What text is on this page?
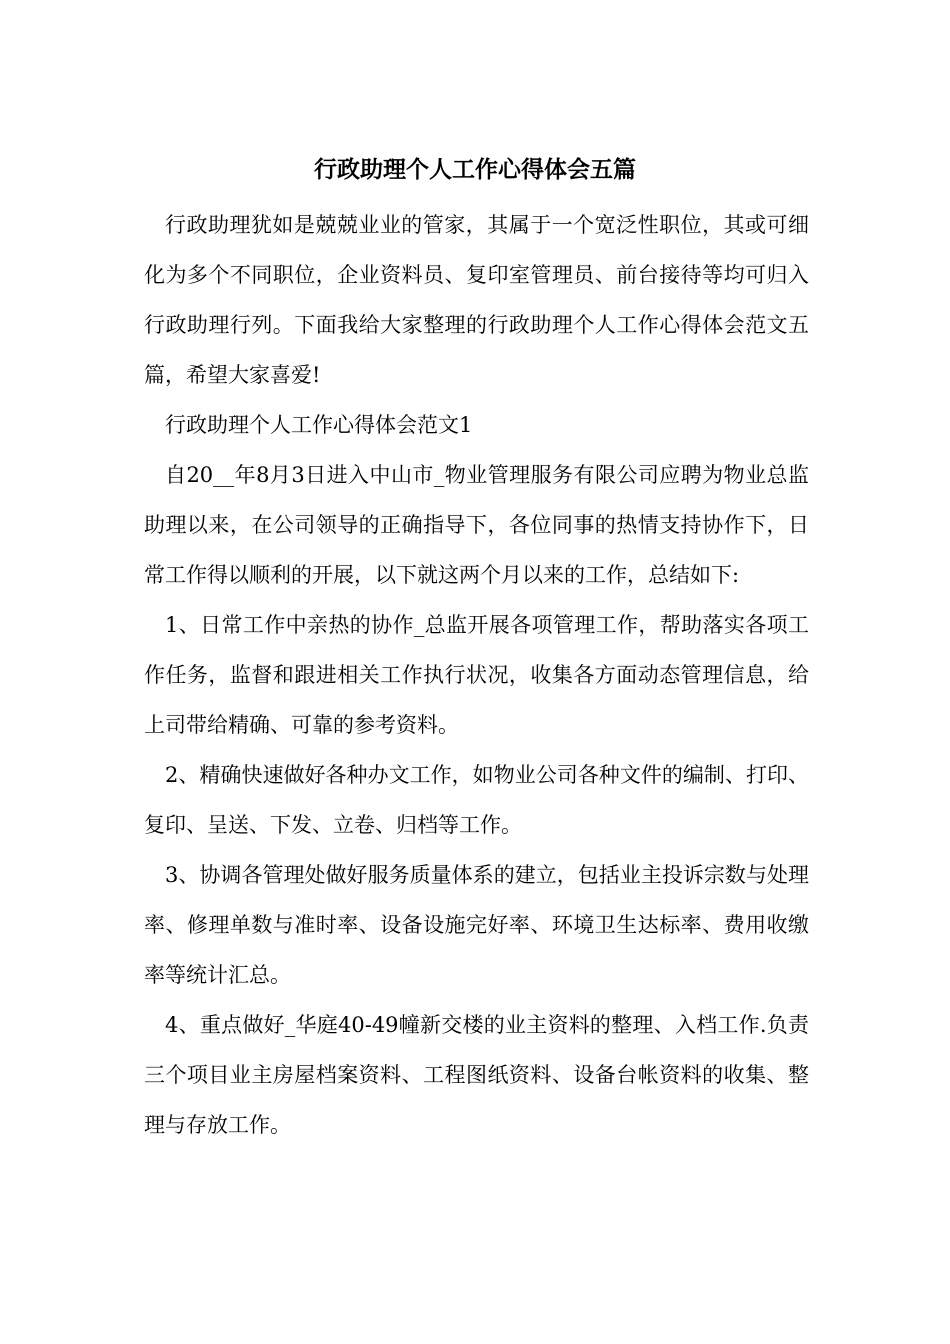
行政助理个人工作心得体会五篇

行政助理犹如是兢兢业业的管家，其属于一个宽泛性职位，其或可细化为多个不同职位，企业资料员、复印室管理员、前台接待等均可归入行政助理行列。下面我给大家整理的行政助理个人工作心得体会范文五篇，希望大家喜爱!

行政助理个人工作心得体会范文1

自20__年8月3日进入中山市_物业管理服务有限公司应聘为物业总监助理以来，在公司领导的正确指导下，各位同事的热情支持协作下，日常工作得以顺利的开展，以下就这两个月以来的工作，总结如下:

1、日常工作中亲热的协作_总监开展各项管理工作，帮助落实各项工作任务，监督和跟进相关工作执行状况，收集各方面动态管理信息，给上司带给精确、可靠的参考资料。

2、精确快速做好各种办文工作，如物业公司各种文件的编制、打印、复印、呈送、下发、立卷、归档等工作。

3、协调各管理处做好服务质量体系的建立，包括业主投诉宗数与处理率、修理单数与准时率、设备设施完好率、环境卫生达标率、费用收缴率等统计汇总。

4、重点做好_华庭40-49幢新交楼的业主资料的整理、入档工作.负责三个项目业主房屋档案资料、工程图纸资料、设备台帐资料的收集、整理与存放工作。
